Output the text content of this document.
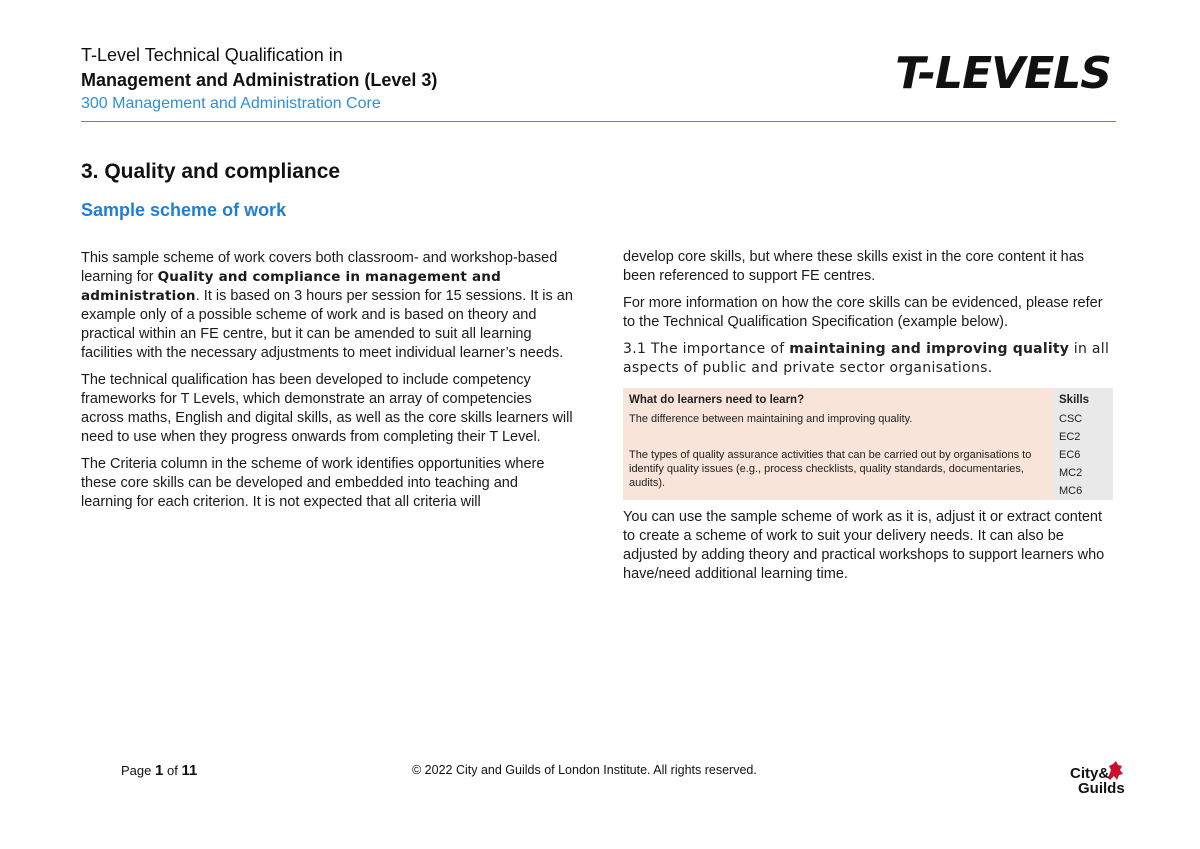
T-Level Technical Qualification in
Management and Administration (Level 3)
300 Management and Administration Core
T-LEVELS
3. Quality and compliance
Sample scheme of work

This sample scheme of work covers both classroom- and workshop-based learning for Quality and compliance in management and administration. It is based on 3 hours per session for 15 sessions. It is an example only of a possible scheme of work and is based on theory and practical within an FE centre, but it can be amended to suit all learning facilities with the necessary adjustments to meet individual learner’s needs.

The technical qualification has been developed to include competency frameworks for T Levels, which demonstrate an array of competencies across maths, English and digital skills, as well as the core skills learners will need to use when they progress onwards from completing their T Level.

The Criteria column in the scheme of work identifies opportunities where these core skills can be developed and embedded into teaching and learning for each criterion. It is not expected that all criteria will

develop core skills, but where these skills exist in the core content it has been referenced to support FE centres.

For more information on how the core skills can be evidenced, please refer to the Technical Qualification Specification (example below).

3.1 The importance of maintaining and improving quality in all aspects of public and private sector organisations.
What do learners need to learn?	Skills
The difference between maintaining and improving quality.	CSC
	EC2
The types of quality assurance activities that can be carried out by organisations to identify quality issues (e.g., process checklists, quality standards, documentaries, audits).	EC6
	MC2
	MC6

You can use the sample scheme of work as it is, adjust it or extract content to create a scheme of work to suit your delivery needs. It can also be adjusted by adding theory and practical workshops to support learners who have/need additional learning time.

Page 1 of 11	© 2022 City and Guilds of London Institute. All rights reserved.	City&
Guilds
